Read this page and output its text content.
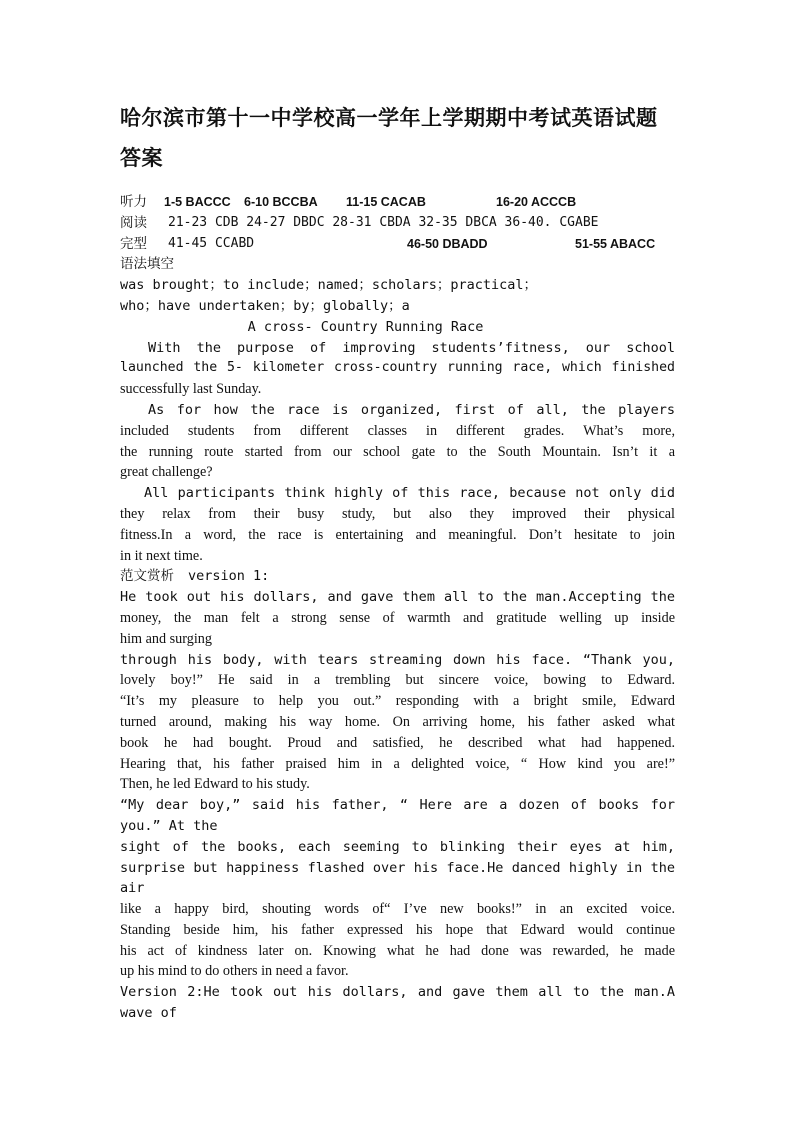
哈尔滨市第十一中学校高一学年上学期期中考试英语试题
答案
听力 1-5 BACCC 6-10 BCCBA 11-15 CACAB	16-20 ACCCB
阅读 21-23 CDB 24-27 DBDC 28-31 CBDA 32-35 DBCA 36-40. CGABE
完型 41-45 CCABD	46-50 DBADD	51-55 ABACC
语法填空
was brought；to include；named；scholars；practical；
who；have undertaken；by；globally；a
A cross- Country Running Race
With the purpose of improving students’fitness, our school
launched the 5- kilometer cross-country running race, which finished
successfully last Sunday.
As for how the race is organized, first of all, the players
included students from different classes in different grades. What’s more,
the running route started from our school gate to the South Mountain. Isn’t it a
great challenge?
All participants think highly of this race, because not only did
they relax from their busy study, but also they improved their physical
fitness.In a word, the race is entertaining and meaningful. Don’t hesitate to join
in it next time.
范文赏析 version 1:
He took out his dollars, and gave them all to the man.Accepting the
money, the man felt a strong sense of warmth and gratitude welling up inside
him and surging
through his body, with tears streaming down his face. “Thank you,
lovely boy!” He said in a trembling but sincere voice, bowing to Edward.
“It’s my pleasure to help you out.” responding with a bright smile, Edward
turned around, making his way home. On arriving home, his father asked what
book he had bought. Proud and satisfied, he described what had happened.
Hearing that, his father praised him in a delighted voice, “ How kind you are!”
Then, he led Edward to his study.
“My dear boy,” said his father, “ Here are a dozen of books for
you.” At the
sight of the books, each seeming to blinking their eyes at him,
surprise but happiness flashed over his face.He danced highly in the air
like a happy bird, shouting words of“ I’ve new books!” in an excited voice.
Standing beside him, his father expressed his hope that Edward would continue
his act of kindness later on. Knowing what he had done was rewarded, he made
up his mind to do others in need a favor.
Version 2:He took out his dollars, and gave them all to the man.A
wave of
